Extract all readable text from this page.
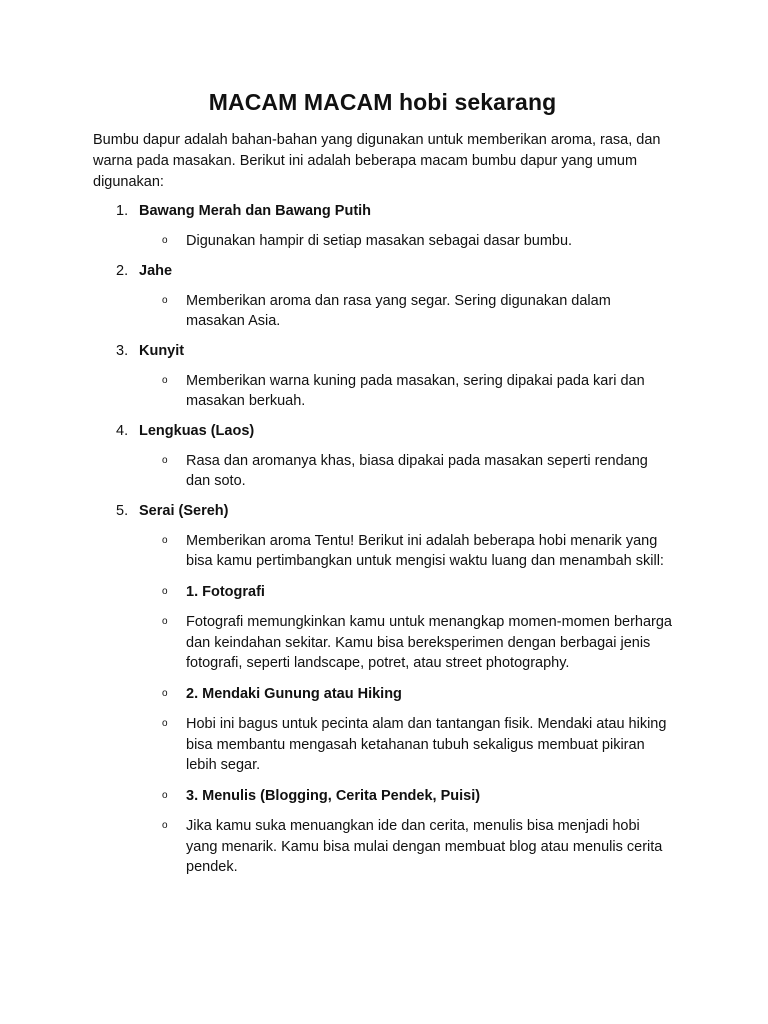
MACAM MACAM hobi sekarang

Bumbu dapur adalah bahan-bahan yang digunakan untuk memberikan aroma, rasa, dan warna pada masakan. Berikut ini adalah beberapa macam bumbu dapur yang umum digunakan:

1. Bawang Merah dan Bawang Putih
o Digunakan hampir di setiap masakan sebagai dasar bumbu.
2. Jahe
o Memberikan aroma dan rasa yang segar. Sering digunakan dalam masakan Asia.
3. Kunyit
o Memberikan warna kuning pada masakan, sering dipakai pada kari dan masakan berkuah.
4. Lengkuas (Laos)
o Rasa dan aromanya khas, biasa dipakai pada masakan seperti rendang dan soto.
5. Serai (Sereh)
o Memberikan aroma Tentu! Berikut ini adalah beberapa hobi menarik yang bisa kamu pertimbangkan untuk mengisi waktu luang dan menambah skill:
o 1. Fotografi
o Fotografi memungkinkan kamu untuk menangkap momen-momen berharga dan keindahan sekitar. Kamu bisa bereksperimen dengan berbagai jenis fotografi, seperti landscape, potret, atau street photography.
o 2. Mendaki Gunung atau Hiking
o Hobi ini bagus untuk pecinta alam dan tantangan fisik. Mendaki atau hiking bisa membantu mengasah ketahanan tubuh sekaligus membuat pikiran lebih segar.
o 3. Menulis (Blogging, Cerita Pendek, Puisi)
o Jika kamu suka menuangkan ide dan cerita, menulis bisa menjadi hobi yang menarik. Kamu bisa mulai dengan membuat blog atau menulis cerita pendek.
